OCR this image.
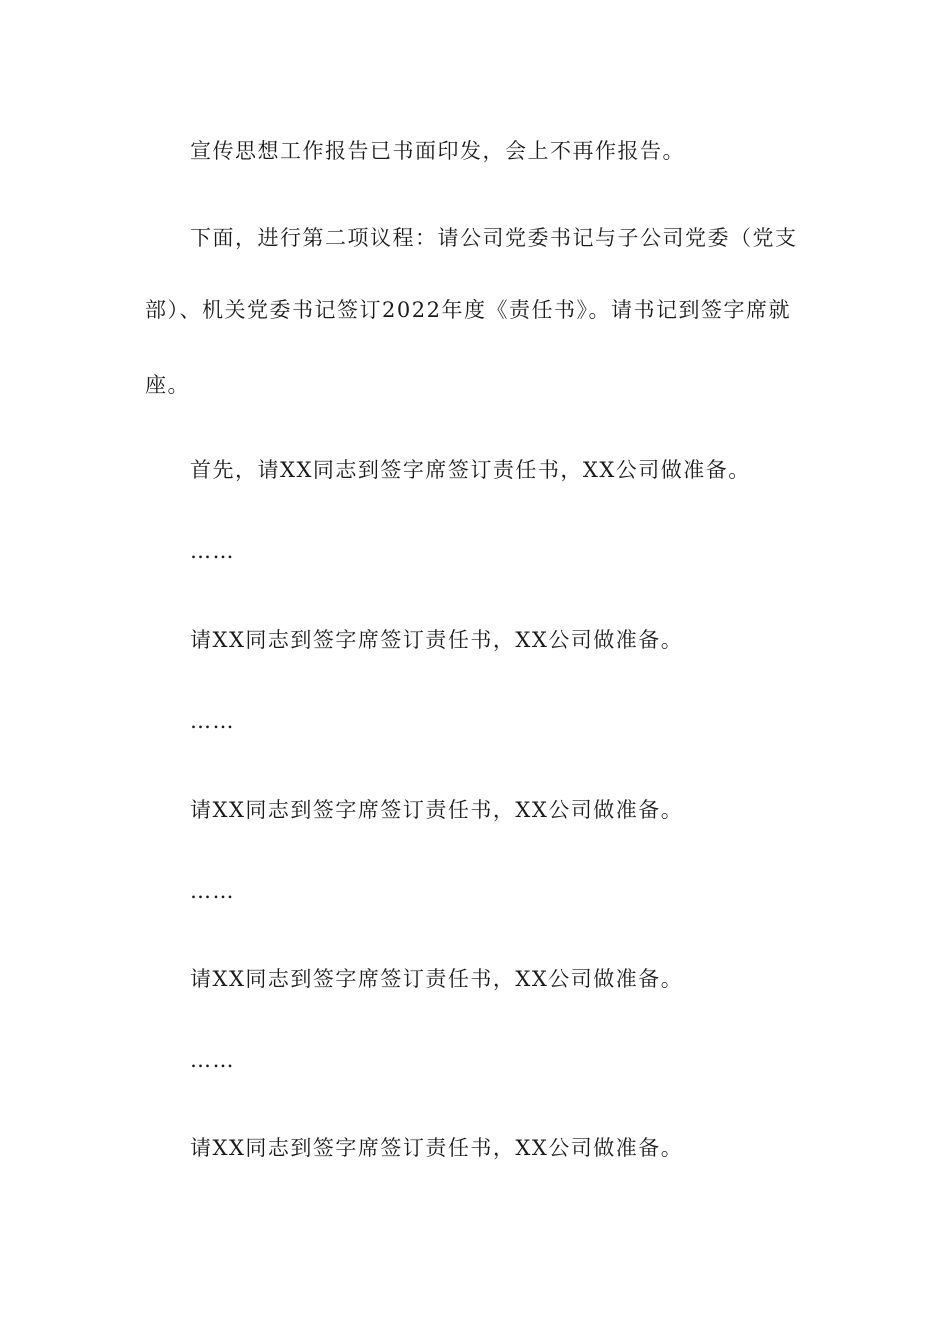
宣传思想工作报告已书面印发，会上不再作报告。
下面，进行第二项议程：请公司党委书记与子公司党委（党支
部）、机关党委书记签订2022年度《责任书》。请书记到签字席就
座。
首先，请XX同志到签字席签订责任书，XX公司做准备。
……
请XX同志到签字席签订责任书，XX公司做准备。
……
请XX同志到签字席签订责任书，XX公司做准备。
……
请XX同志到签字席签订责任书，XX公司做准备。
……
请XX同志到签字席签订责任书，XX公司做准备。
